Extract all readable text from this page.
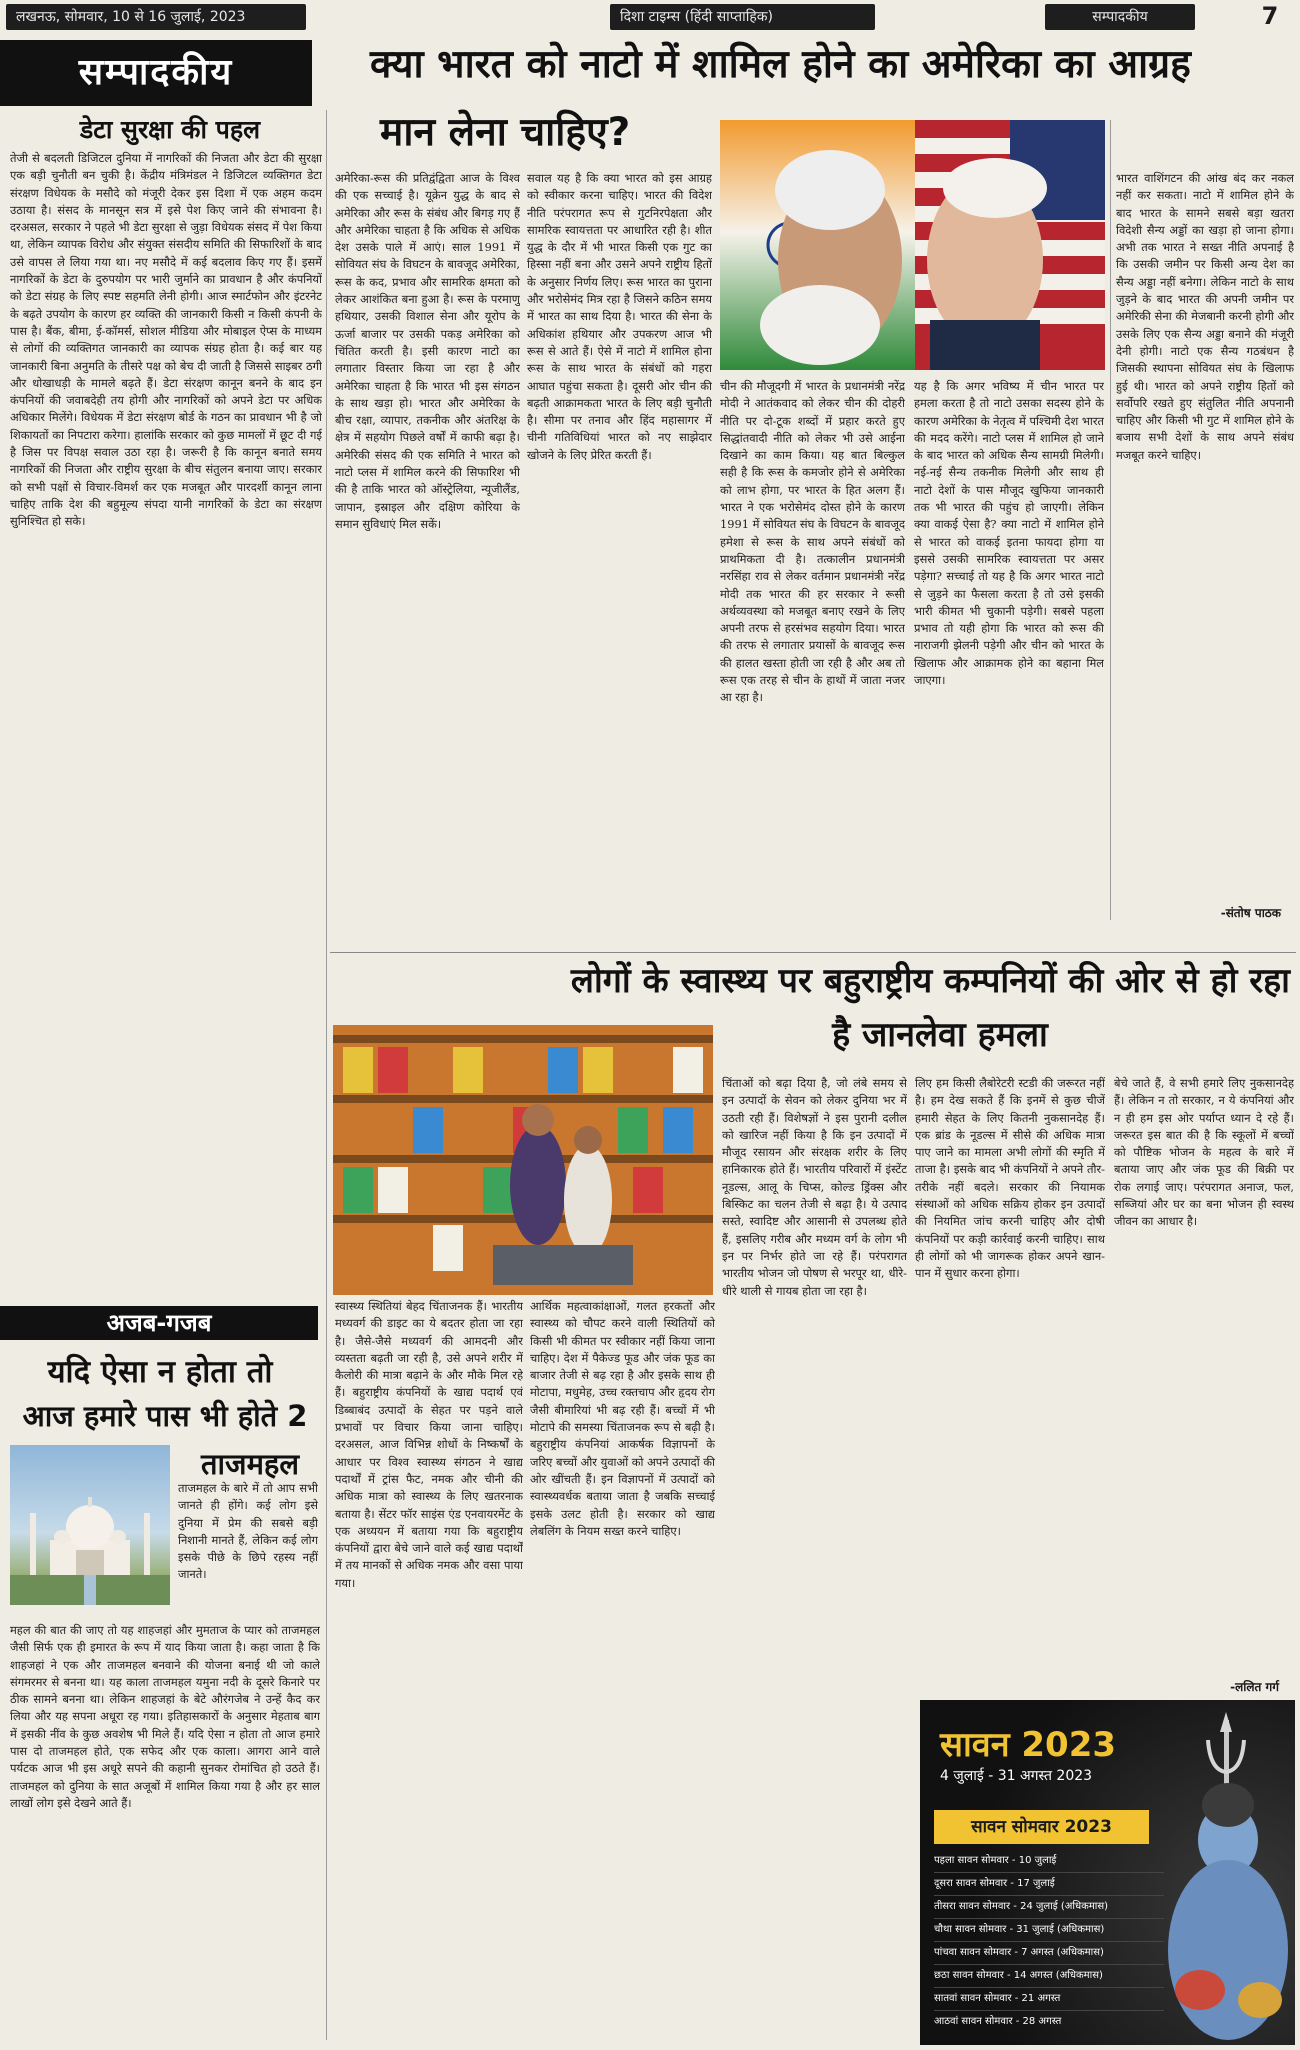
लखनऊ, सोमवार, 10 से 16 जुलाई, 2023	दिशा टाइम्स (हिंदी साप्ताहिक)	सम्पादकीय	7
सम्पादकीय	क्या भारत को नाटो में शामिल होने का अमेरिका का आग्रह
मान लेना चाहिए?
डेटा सुरक्षा की पहल
तेजी से बदलती डिजिटल दुनिया में नागरिकों की निजता और डेटा की सुरक्षा एक बड़ी चुनौती बन चुकी है। केंद्रीय मंत्रिमंडल ने डिजिटल व्यक्तिगत डेटा संरक्षण विधेयक के मसौदे को मंजूरी देकर इस दिशा में एक अहम कदम उठाया है। संसद के मानसून सत्र में इसे पेश किए जाने की संभावना है। दरअसल, सरकार ने पहले भी डेटा सुरक्षा से जुड़ा विधेयक संसद में पेश किया था, लेकिन व्यापक विरोध और संयुक्त संसदीय समिति की सिफारिशों के बाद उसे वापस ले लिया गया था। नए मसौदे में कई बदलाव किए गए हैं। इसमें नागरिकों के डेटा के दुरुपयोग पर भारी जुर्माने का प्रावधान है और कंपनियों को डेटा संग्रह के लिए स्पष्ट सहमति लेनी होगी। आज स्मार्टफोन और इंटरनेट के बढ़ते उपयोग के कारण हर व्यक्ति की जानकारी किसी न किसी कंपनी के पास है। बैंक, बीमा, ई-कॉमर्स, सोशल मीडिया और मोबाइल ऐप्स के माध्यम से लोगों की व्यक्तिगत जानकारी का व्यापक संग्रह होता है। कई बार यह जानकारी बिना अनुमति के तीसरे पक्ष को बेच दी जाती है जिससे साइबर ठगी और धोखाधड़ी के मामले बढ़ते हैं। डेटा संरक्षण कानून बनने के बाद इन कंपनियों की जवाबदेही तय होगी और नागरिकों को अपने डेटा पर अधिक अधिकार मिलेंगे। विधेयक में डेटा संरक्षण बोर्ड के गठन का प्रावधान भी है जो शिकायतों का निपटारा करेगा। हालांकि सरकार को कुछ मामलों में छूट दी गई है जिस पर विपक्ष सवाल उठा रहा है। जरूरी है कि कानून बनाते समय नागरिकों की निजता और राष्ट्रीय सुरक्षा के बीच संतुलन बनाया जाए। सरकार को सभी पक्षों से विचार-विमर्श कर एक मजबूत और पारदर्शी कानून लाना चाहिए ताकि देश की बहुमूल्य संपदा यानी नागरिकों के डेटा का संरक्षण सुनिश्चित हो सके।
अजब-गजब
यदि ऐसा न होता तो
आज हमारे पास भी होते 2
ताजमहल
ताजमहल के बारे में तो आप सभी जानते ही होंगे। कई लोग इसे दुनिया में प्रेम की सबसे बड़ी निशानी मानते हैं, लेकिन कई लोग इसके पीछे के छिपे रहस्य नहीं जानते।
महल की बात की जाए तो यह शाहजहां और मुमताज के प्यार को ताजमहल जैसी सिर्फ एक ही इमारत के रूप में याद किया जाता है। कहा जाता है कि शाहजहां ने एक और ताजमहल बनवाने की योजना बनाई थी जो काले संगमरमर से बनना था। यह काला ताजमहल यमुना नदी के दूसरे किनारे पर ठीक सामने बनना था। लेकिन शाहजहां के बेटे औरंगजेब ने उन्हें कैद कर लिया और यह सपना अधूरा रह गया। इतिहासकारों के अनुसार मेहताब बाग में इसकी नींव के कुछ अवशेष भी मिले हैं। यदि ऐसा न होता तो आज हमारे पास दो ताजमहल होते, एक सफेद और एक काला। आगरा आने वाले पर्यटक आज भी इस अधूरे सपने की कहानी सुनकर रोमांचित हो उठते हैं। ताजमहल को दुनिया के सात अजूबों में शामिल किया गया है और हर साल लाखों लोग इसे देखने आते हैं।
अमेरिका-रूस की प्रतिद्वंद्विता आज के विश्व की एक सच्चाई है। यूक्रेन युद्ध के बाद से अमेरिका और रूस के संबंध और बिगड़ गए हैं और अमेरिका चाहता है कि अधिक से अधिक देश उसके पाले में आएं। साल 1991 में सोवियत संघ के विघटन के बावजूद अमेरिका, रूस के कद, प्रभाव और सामरिक क्षमता को लेकर आशंकित बना हुआ है। रूस के परमाणु हथियार, उसकी विशाल सेना और यूरोप के ऊर्जा बाजार पर उसकी पकड़ अमेरिका को चिंतित करती है। इसी कारण नाटो का लगातार विस्तार किया जा रहा है और अमेरिका चाहता है कि भारत भी इस संगठन के साथ खड़ा हो। भारत और अमेरिका के बीच रक्षा, व्यापार, तकनीक और अंतरिक्ष के क्षेत्र में सहयोग पिछले वर्षों में काफी बढ़ा है। अमेरिकी संसद की एक समिति ने भारत को नाटो प्लस में शामिल करने की सिफारिश भी की है ताकि भारत को ऑस्ट्रेलिया, न्यूजीलैंड, जापान, इस्राइल और दक्षिण कोरिया के समान सुविधाएं मिल सकें।
सवाल यह है कि क्या भारत को इस आग्रह को स्वीकार करना चाहिए। भारत की विदेश नीति परंपरागत रूप से गुटनिरपेक्षता और सामरिक स्वायत्तता पर आधारित रही है। शीत युद्ध के दौर में भी भारत किसी एक गुट का हिस्सा नहीं बना और उसने अपने राष्ट्रीय हितों के अनुसार निर्णय लिए। रूस भारत का पुराना और भरोसेमंद मित्र रहा है जिसने कठिन समय में भारत का साथ दिया है। भारत की सेना के अधिकांश हथियार और उपकरण आज भी रूस से आते हैं। ऐसे में नाटो में शामिल होना रूस के साथ भारत के संबंधों को गहरा आघात पहुंचा सकता है। दूसरी ओर चीन की बढ़ती आक्रामकता भारत के लिए बड़ी चुनौती है। सीमा पर तनाव और हिंद महासागर में चीनी गतिविधियां भारत को नए साझेदार खोजने के लिए प्रेरित करती हैं।
चीन की मौजूदगी में भारत के प्रधानमंत्री नरेंद्र मोदी ने आतंकवाद को लेकर चीन की दोहरी नीति पर दो-टूक शब्दों में प्रहार करते हुए सिद्धांतवादी नीति को लेकर भी उसे आईना दिखाने का काम किया। यह बात बिल्कुल सही है कि रूस के कमजोर होने से अमेरिका को लाभ होगा, पर भारत के हित अलग हैं। भारत ने एक भरोसेमंद दोस्त होने के कारण 1991 में सोवियत संघ के विघटन के बावजूद हमेशा से रूस के साथ अपने संबंधों को प्राथमिकता दी है। तत्कालीन प्रधानमंत्री नरसिंहा राव से लेकर वर्तमान प्रधानमंत्री नरेंद्र मोदी तक भारत की हर सरकार ने रूसी अर्थव्यवस्था को मजबूत बनाए रखने के लिए अपनी तरफ से हरसंभव सहयोग दिया। भारत की तरफ से लगातार प्रयासों के बावजूद रूस की हालत खस्ता होती जा रही है और अब तो रूस एक तरह से चीन के हाथों में जाता नजर आ रहा है।
यह है कि अगर भविष्य में चीन भारत पर हमला करता है तो नाटो उसका सदस्य होने के कारण अमेरिका के नेतृत्व में पश्चिमी देश भारत की मदद करेंगे। नाटो प्लस में शामिल हो जाने के बाद भारत को अधिक सैन्य सामग्री मिलेगी। नई-नई सैन्य तकनीक मिलेगी और साथ ही नाटो देशों के पास मौजूद खुफिया जानकारी तक भी भारत की पहुंच हो जाएगी। लेकिन क्या वाकई ऐसा है? क्या नाटो में शामिल होने से भारत को वाकई इतना फायदा होगा या इससे उसकी सामरिक स्वायत्तता पर असर पड़ेगा? सच्चाई तो यह है कि अगर भारत नाटो से जुड़ने का फैसला करता है तो उसे इसकी भारी कीमत भी चुकानी पड़ेगी। सबसे पहला प्रभाव तो यही होगा कि भारत को रूस की नाराजगी झेलनी पड़ेगी और चीन को भारत के खिलाफ और आक्रामक होने का बहाना मिल जाएगा।
भारत वाशिंगटन की आंख बंद कर नकल नहीं कर सकता। नाटो में शामिल होने के बाद भारत के सामने सबसे बड़ा खतरा विदेशी सैन्य अड्डों का खड़ा हो जाना होगा। अभी तक भारत ने सख्त नीति अपनाई है कि उसकी जमीन पर किसी अन्य देश का सैन्य अड्डा नहीं बनेगा। लेकिन नाटो के साथ जुड़ने के बाद भारत की अपनी जमीन पर अमेरिकी सेना की मेजबानी करनी होगी और उसके लिए एक सैन्य अड्डा बनाने की मंजूरी देनी होगी। नाटो एक सैन्य गठबंधन है जिसकी स्थापना सोवियत संघ के खिलाफ हुई थी। भारत को अपने राष्ट्रीय हितों को सर्वोपरि रखते हुए संतुलित नीति अपनानी चाहिए और किसी भी गुट में शामिल होने के बजाय सभी देशों के साथ अपने संबंध मजबूत करने चाहिए।
-संतोष पाठक
लोगों के स्वास्थ्य पर बहुराष्ट्रीय कम्पनियों की ओर से हो रहा
है जानलेवा हमला
स्वास्थ्य स्थितियां बेहद चिंताजनक हैं। भारतीय मध्यवर्ग की डाइट का ये बदतर होता जा रहा है। जैसे-जैसे मध्यवर्ग की आमदनी और व्यस्तता बढ़ती जा रही है, उसे अपने शरीर में कैलोरी की मात्रा बढ़ाने के और मौके मिल रहे हैं। बहुराष्ट्रीय कंपनियों के खाद्य पदार्थ एवं डिब्बाबंद उत्पादों के सेहत पर पड़ने वाले प्रभावों पर विचार किया जाना चाहिए। दरअसल, आज विभिन्न शोधों के निष्कर्षों के आधार पर विश्व स्वास्थ्य संगठन ने खाद्य पदार्थों में ट्रांस फैट, नमक और चीनी की अधिक मात्रा को स्वास्थ्य के लिए खतरनाक बताया है। सेंटर फॉर साइंस एंड एनवायरमेंट के एक अध्ययन में बताया गया कि बहुराष्ट्रीय कंपनियों द्वारा बेचे जाने वाले कई खाद्य पदार्थों में तय मानकों से अधिक नमक और वसा पाया गया।
आर्थिक महत्वाकांक्षाओं, गलत हरकतों और स्वास्थ्य को चौपट करने वाली स्थितियों को किसी भी कीमत पर स्वीकार नहीं किया जाना चाहिए। देश में पैकेज्ड फूड और जंक फूड का बाजार तेजी से बढ़ रहा है और इसके साथ ही मोटापा, मधुमेह, उच्च रक्तचाप और हृदय रोग जैसी बीमारियां भी बढ़ रही हैं। बच्चों में भी मोटापे की समस्या चिंताजनक रूप से बढ़ी है। बहुराष्ट्रीय कंपनियां आकर्षक विज्ञापनों के जरिए बच्चों और युवाओं को अपने उत्पादों की ओर खींचती हैं। इन विज्ञापनों में उत्पादों को स्वास्थ्यवर्धक बताया जाता है जबकि सच्चाई इसके उलट होती है। सरकार को खाद्य लेबलिंग के नियम सख्त करने चाहिए।
चिंताओं को बढ़ा दिया है, जो लंबे समय से इन उत्पादों के सेवन को लेकर दुनिया भर में उठती रही हैं। विशेषज्ञों ने इस पुरानी दलील को खारिज नहीं किया है कि इन उत्पादों में मौजूद रसायन और संरक्षक शरीर के लिए हानिकारक होते हैं। भारतीय परिवारों में इंस्टेंट नूडल्स, आलू के चिप्स, कोल्ड ड्रिंक्स और बिस्किट का चलन तेजी से बढ़ा है। ये उत्पाद सस्ते, स्वादिष्ट और आसानी से उपलब्ध होते हैं, इसलिए गरीब और मध्यम वर्ग के लोग भी इन पर निर्भर होते जा रहे हैं। परंपरागत भारतीय भोजन जो पोषण से भरपूर था, धीरे-धीरे थाली से गायब होता जा रहा है।
लिए हम किसी लैबोरेटरी स्टडी की जरूरत नहीं है। हम देख सकते हैं कि इनमें से कुछ चीजें हमारी सेहत के लिए कितनी नुकसानदेह हैं। एक ब्रांड के नूडल्स में सीसे की अधिक मात्रा पाए जाने का मामला अभी लोगों की स्मृति में ताजा है। इसके बाद भी कंपनियों ने अपने तौर-तरीके नहीं बदले। सरकार की नियामक संस्थाओं को अधिक सक्रिय होकर इन उत्पादों की नियमित जांच करनी चाहिए और दोषी कंपनियों पर कड़ी कार्रवाई करनी चाहिए। साथ ही लोगों को भी जागरूक होकर अपने खान-पान में सुधार करना होगा।
बेचे जाते हैं, वे सभी हमारे लिए नुकसानदेह हैं। लेकिन न तो सरकार, न ये कंपनियां और न ही हम इस ओर पर्याप्त ध्यान दे रहे हैं। जरूरत इस बात की है कि स्कूलों में बच्चों को पौष्टिक भोजन के महत्व के बारे में बताया जाए और जंक फूड की बिक्री पर रोक लगाई जाए। परंपरागत अनाज, फल, सब्जियां और घर का बना भोजन ही स्वस्थ जीवन का आधार है।
-ललित गर्ग
सावन 2023
4 जुलाई - 31 अगस्त 2023
सावन सोमवार 2023
पहला सावन सोमवार - 10 जुलाई
दूसरा सावन सोमवार - 17 जुलाई
तीसरा सावन सोमवार - 24 जुलाई (अधिकमास)
चौथा सावन सोमवार - 31 जुलाई (अधिकमास)
पांचवा सावन सोमवार - 7 अगस्त (अधिकमास)
छठा सावन सोमवार - 14 अगस्त (अधिकमास)
सातवां सावन सोमवार - 21 अगस्त
आठवां सावन सोमवार - 28 अगस्त
